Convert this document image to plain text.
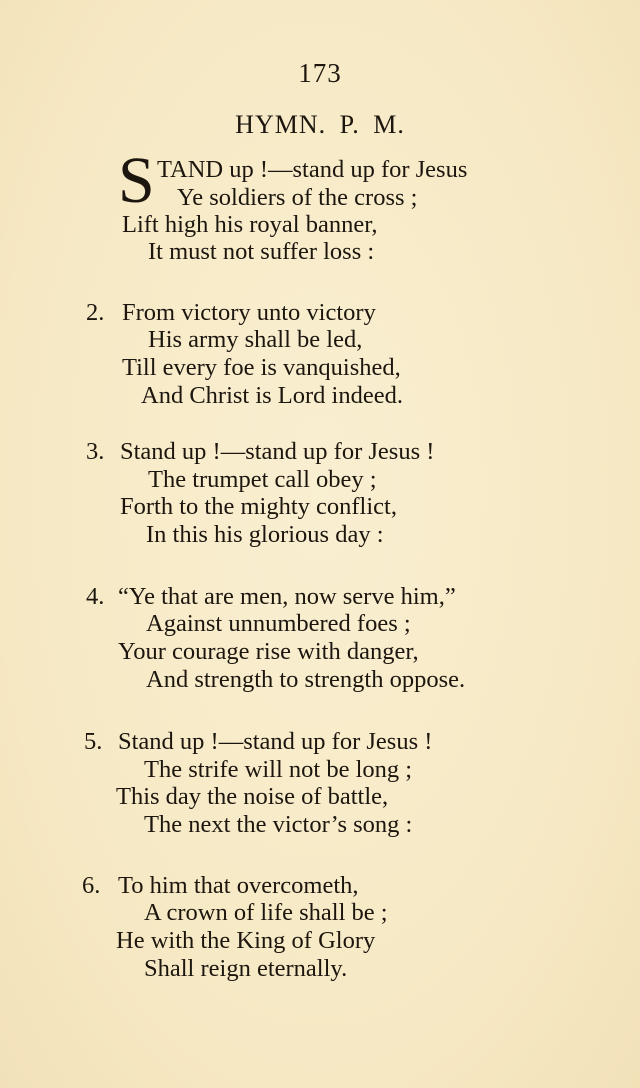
173
HYMN. P. M.
S TAND up !—stand up for Jesus
Ye soldiers of the cross ;
Lift high his royal banner,
It must not suffer loss :
2. From victory unto victory
His army shall be led,
Till every foe is vanquished,
And Christ is Lord indeed.
3. Stand up !—stand up for Jesus !
The trumpet call obey ;
Forth to the mighty conflict,
In this his glorious day :
4. “Ye that are men, now serve him,”
Against unnumbered foes ;
Your courage rise with danger,
And strength to strength oppose.
5. Stand up !—stand up for Jesus !
The strife will not be long ;
This day the noise of battle,
The next the victor’s song :
6. To him that overcometh,
A crown of life shall be ;
He with the King of Glory
Shall reign eternally.
